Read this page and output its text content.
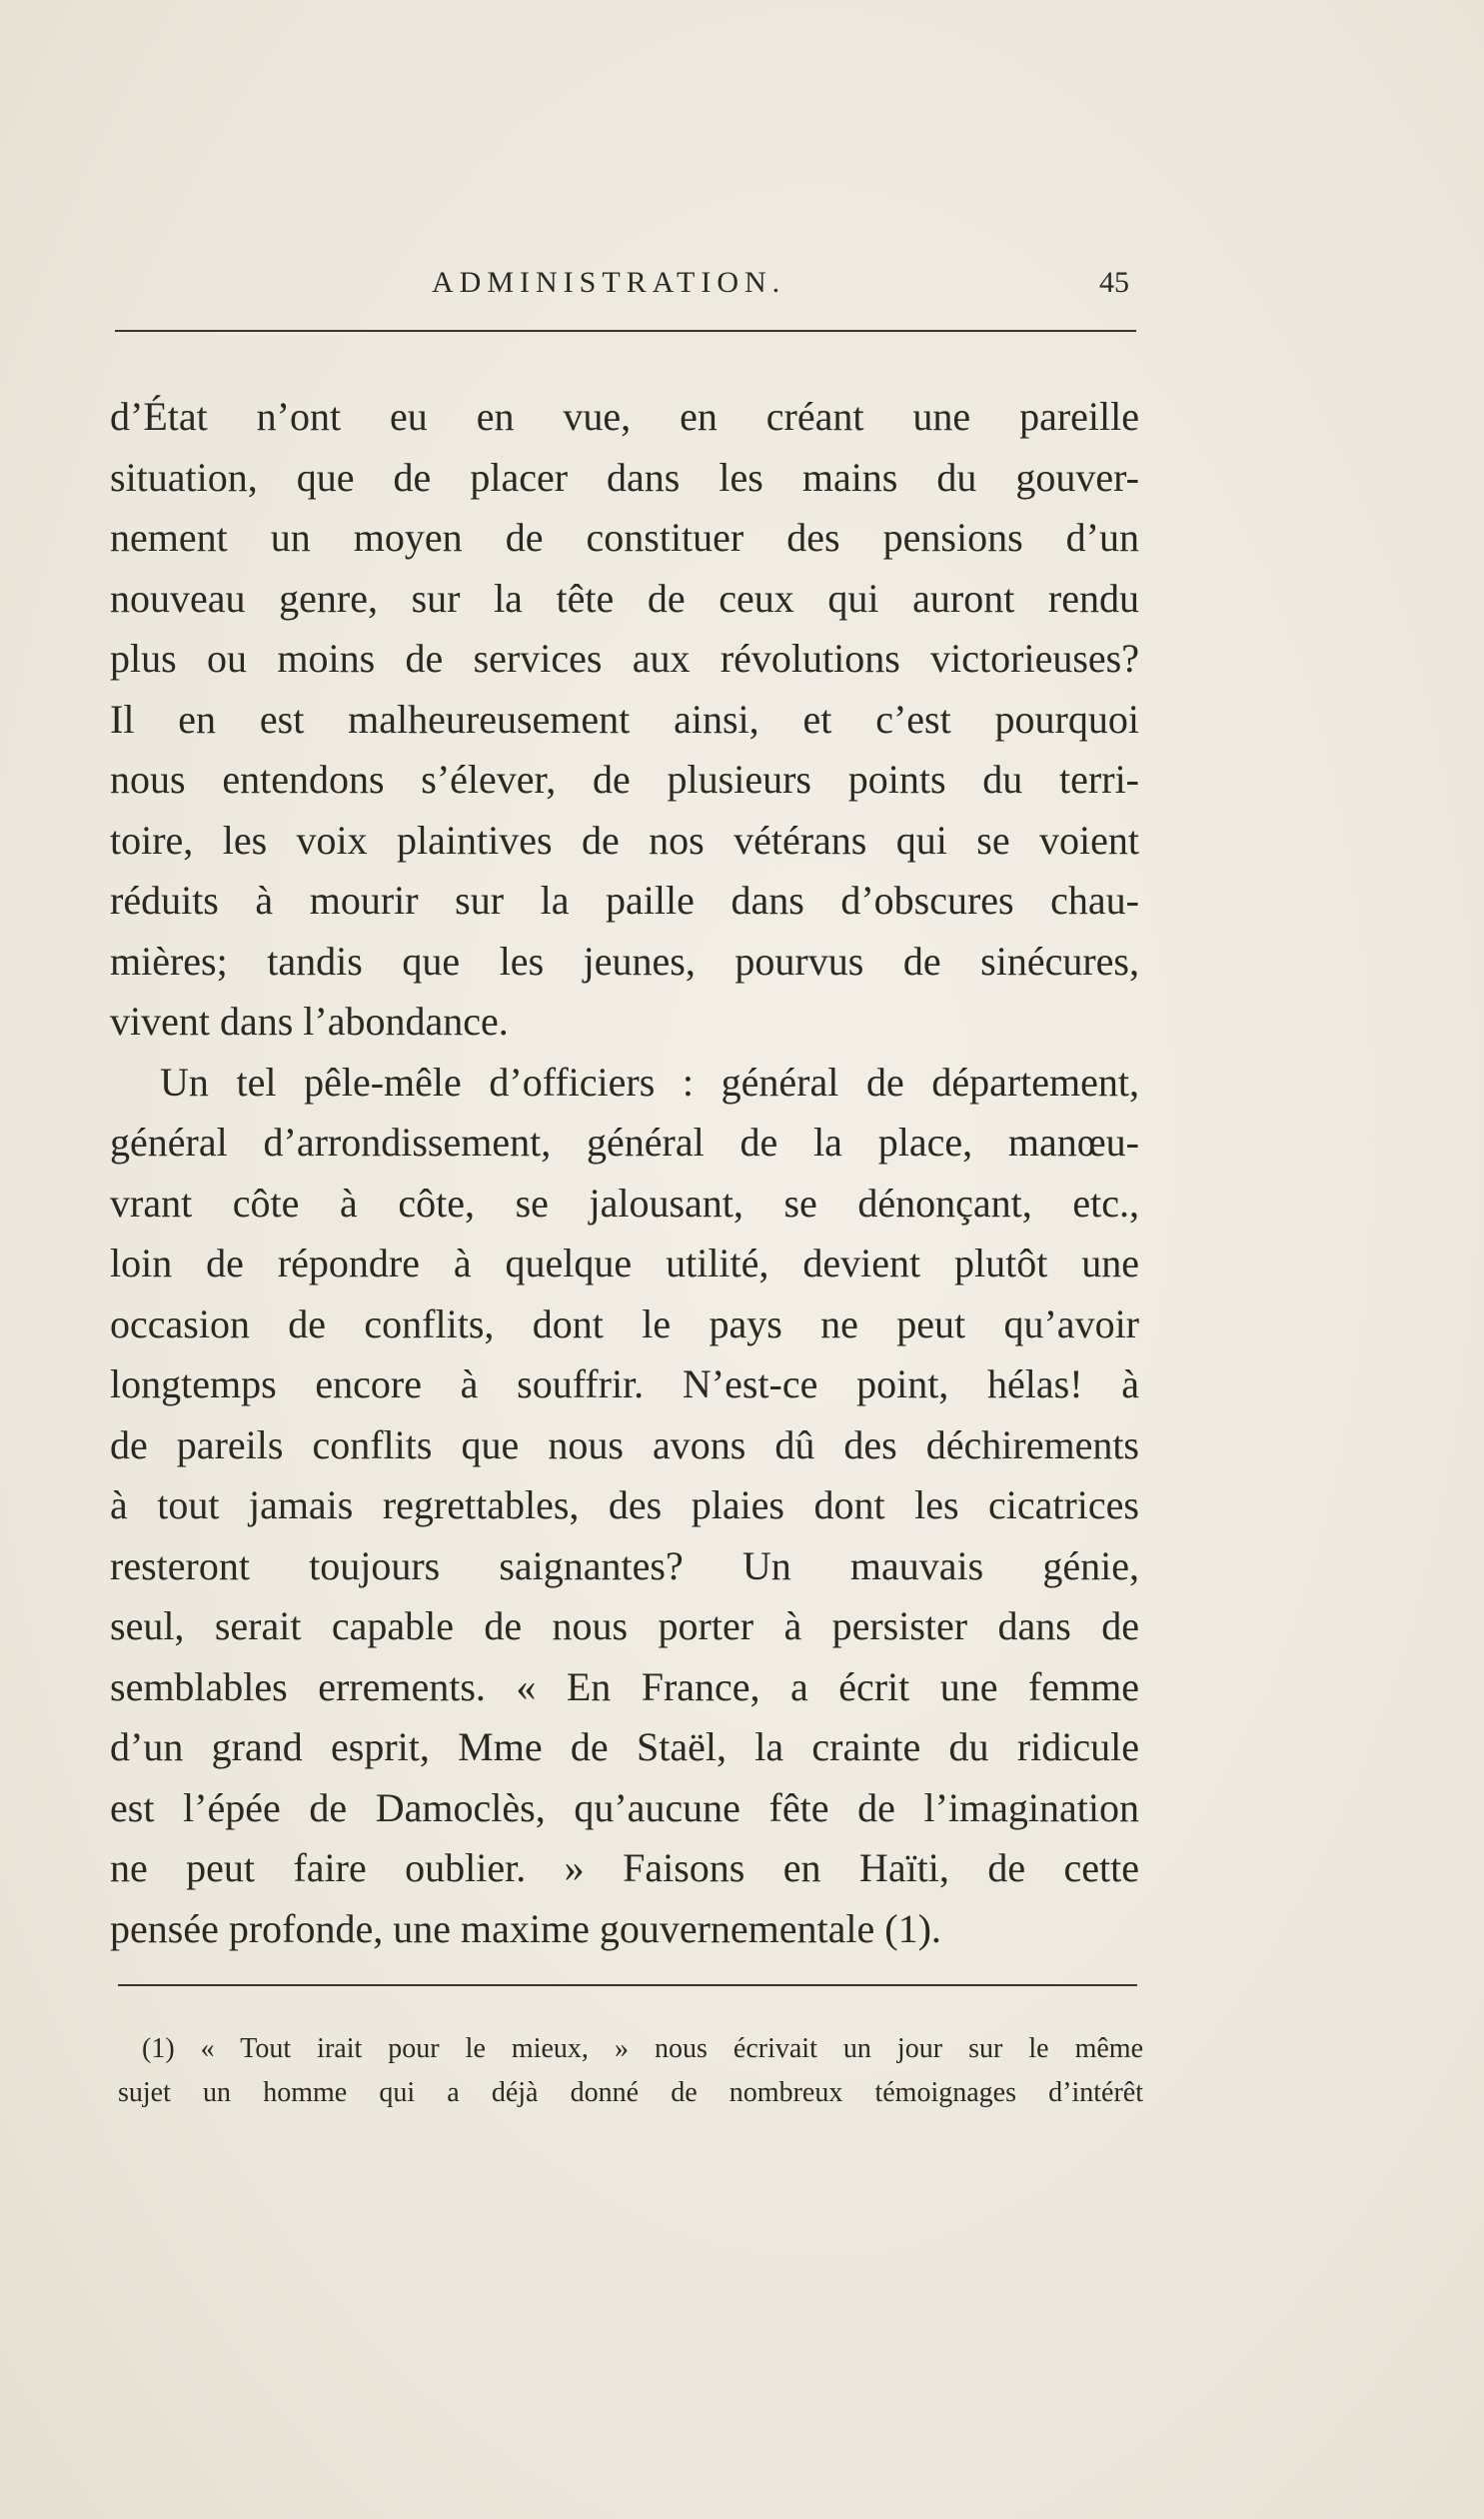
ADMINISTRATION.	45
d’État n’ont eu en vue, en créant une pareille
situation, que de placer dans les mains du gouver-
nement un moyen de constituer des pensions d’un
nouveau genre, sur la tête de ceux qui auront rendu
plus ou moins de services aux révolutions victorieuses?
Il en est malheureusement ainsi, et c’est pourquoi
nous entendons s’élever, de plusieurs points du terri-
toire, les voix plaintives de nos vétérans qui se voient
réduits à mourir sur la paille dans d’obscures chau-
mières; tandis que les jeunes, pourvus de sinécures,
vivent dans l’abondance.
Un tel pêle-mêle d’officiers : général de département,
général d’arrondissement, général de la place, manœu-
vrant côte à côte, se jalousant, se dénonçant, etc.,
loin de répondre à quelque utilité, devient plutôt une
occasion de conflits, dont le pays ne peut qu’avoir
longtemps encore à souffrir. N’est-ce point, hélas! à
de pareils conflits que nous avons dû des déchirements
à tout jamais regrettables, des plaies dont les cicatrices
resteront toujours saignantes? Un mauvais génie,
seul, serait capable de nous porter à persister dans de
semblables errements. « En France, a écrit une femme
d’un grand esprit, Mme de Staël, la crainte du ridicule
est l’épée de Damoclès, qu’aucune fête de l’imagination
ne peut faire oublier. » Faisons en Haïti, de cette
pensée profonde, une maxime gouvernementale (1).
(1) « Tout irait pour le mieux, » nous écrivait un jour sur le même
sujet un homme qui a déjà donné de nombreux témoignages d’intérêt
